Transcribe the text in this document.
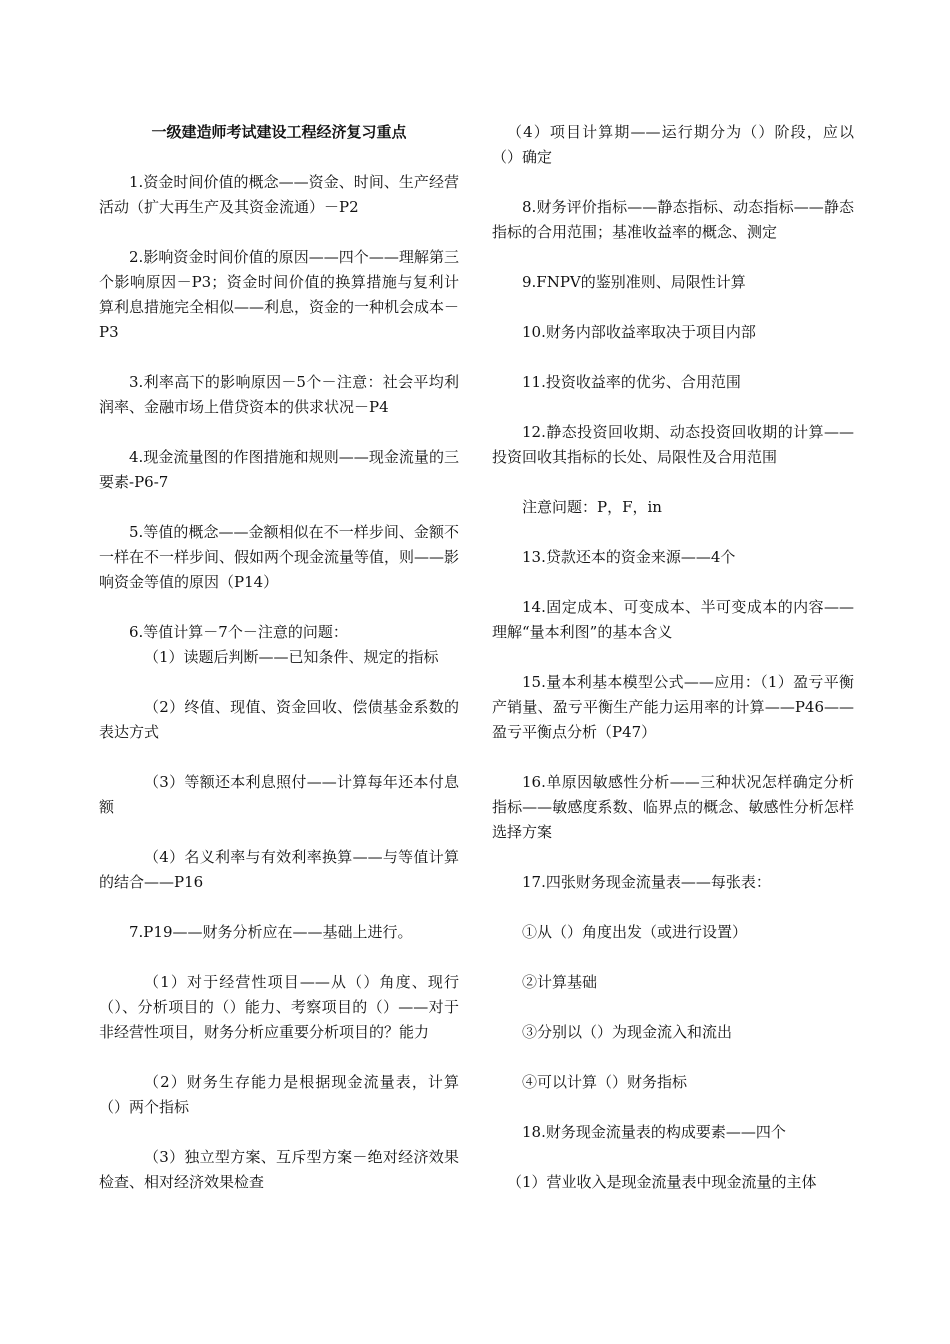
一级建造师考试建设工程经济复习重点
1.资金时间价值的概念——资金、时间、生产经营活动（扩大再生产及其资金流通）－P2
2.影响资金时间价值的原因——四个——理解第三个影响原因－P3；资金时间价值的换算措施与复利计算利息措施完全相似——利息，资金的一种机会成本－P3
3.利率高下的影响原因－5个－注意：社会平均利润率、金融市场上借贷资本的供求状况－P4
4.现金流量图的作图措施和规则——现金流量的三要素-P6-7
5.等值的概念——金额相似在不一样步间、金额不一样在不一样步间、假如两个现金流量等值，则——影响资金等值的原因（P14）
6.等值计算－7个－注意的问题：
（1）读题后判断——已知条件、规定的指标
（2）终值、现值、资金回收、偿债基金系数的表达方式
（3）等额还本利息照付——计算每年还本付息额
（4）名义利率与有效利率换算——与等值计算的结合——P16
7.P19——财务分析应在——基础上进行。
（1）对于经营性项目——从（）角度、现行（）、分析项目的（）能力、考察项目的（）——对于非经营性项目，财务分析应重要分析项目的？能力
（2）财务生存能力是根据现金流量表，计算（）两个指标
（3）独立型方案、互斥型方案－绝对经济效果检查、相对经济效果检查
（4）项目计算期——运行期分为（）阶段，应以（）确定
8.财务评价指标——静态指标、动态指标——静态指标的合用范围；基准收益率的概念、测定
9.FNPV的鉴别准则、局限性计算
10.财务内部收益率取决于项目内部
11.投资收益率的优劣、合用范围
12.静态投资回收期、动态投资回收期的计算——投资回收其指标的长处、局限性及合用范围
注意问题：P，F，in
13.贷款还本的资金来源——4个
14.固定成本、可变成本、半可变成本的内容——理解“量本利图”的基本含义
15.量本利基本模型公式——应用：（1）盈亏平衡产销量、盈亏平衡生产能力运用率的计算——P46——盈亏平衡点分析（P47）
16.单原因敏感性分析——三种状况怎样确定分析指标——敏感度系数、临界点的概念、敏感性分析怎样选择方案
17.四张财务现金流量表——每张表：
①从（）角度出发（或进行设置）
②计算基础
③分别以（）为现金流入和流出
④可以计算（）财务指标
18.财务现金流量表的构成要素——四个
（1）营业收入是现金流量表中现金流量的主体
